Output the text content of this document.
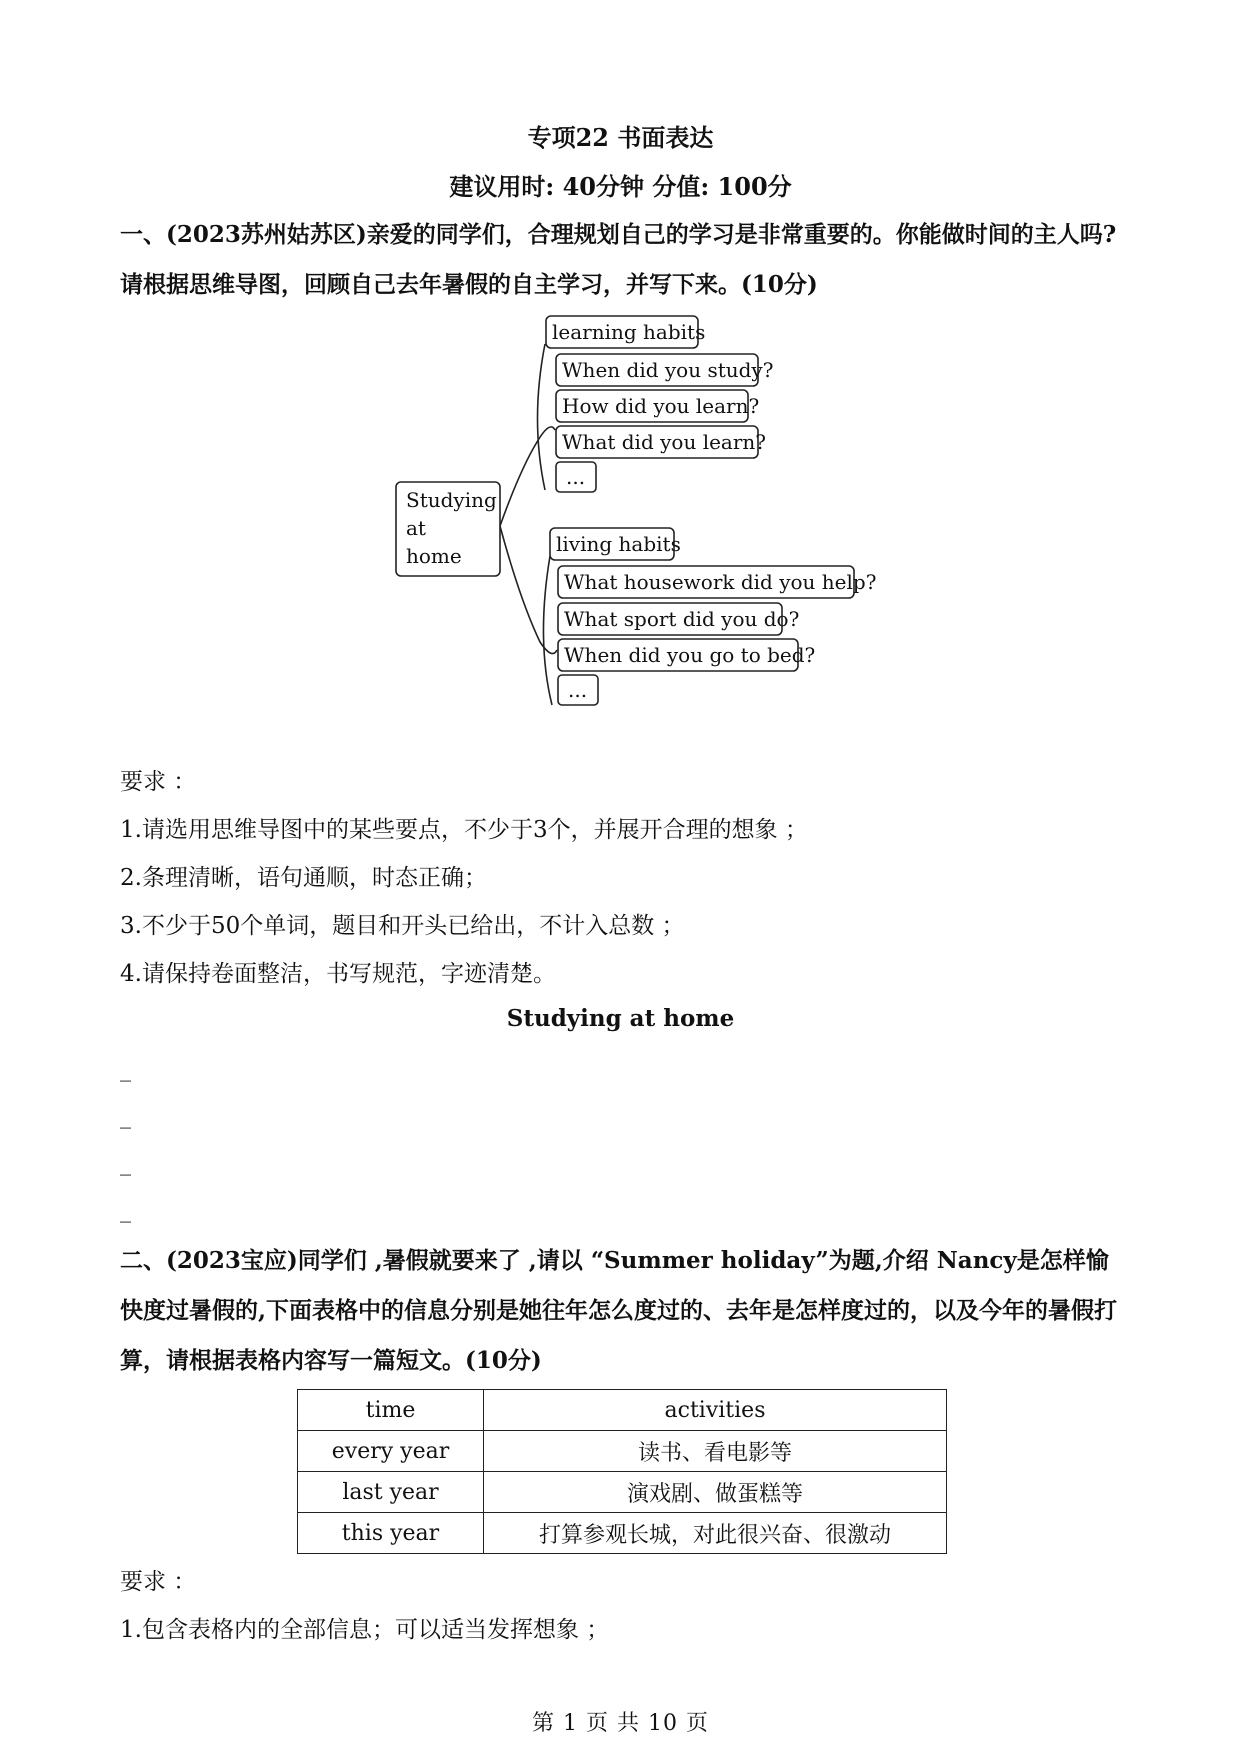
专项22 书面表达
建议用时: 40分钟 分值: 100分
一、(2023苏州姑苏区)亲爱的同学们，合理规划自己的学习是非常重要的。你能做时间的主人吗?请根据思维导图，回顾自己去年暑假的自主学习，并写下来。(10分)
Studying
at
home
learning habits
When did you study?
How did you learn?
What did you learn?
...
living habits
What housework did you help?
What sport did you do?
When did you go to bed?
...
要求 ：
1.请选用思维导图中的某些要点，不少于3个，并展开合理的想象 ；
2.条理清晰，语句通顺，时态正确；
3.不少于50个单词，题目和开头已给出，不计入总数 ；
4.请保持卷面整洁，书写规范，字迹清楚。
Studying at home
_
_
_
_
二、(2023宝应)同学们 ,暑假就要来了 ,请以 “Summer holiday”为题,介绍 Nancy是怎样愉快度过暑假的,下面表格中的信息分别是她往年怎么度过的、去年是怎样度过的，以及今年的暑假打算，请根据表格内容写一篇短文。(10分)
time	activities
every year	读书、看电影等
last year	演戏剧、做蛋糕等
this year	打算参观长城，对此很兴奋、很激动
要求 ：
1.包含表格内的全部信息；可以适当发挥想象 ；
第 1 页 共 10 页
